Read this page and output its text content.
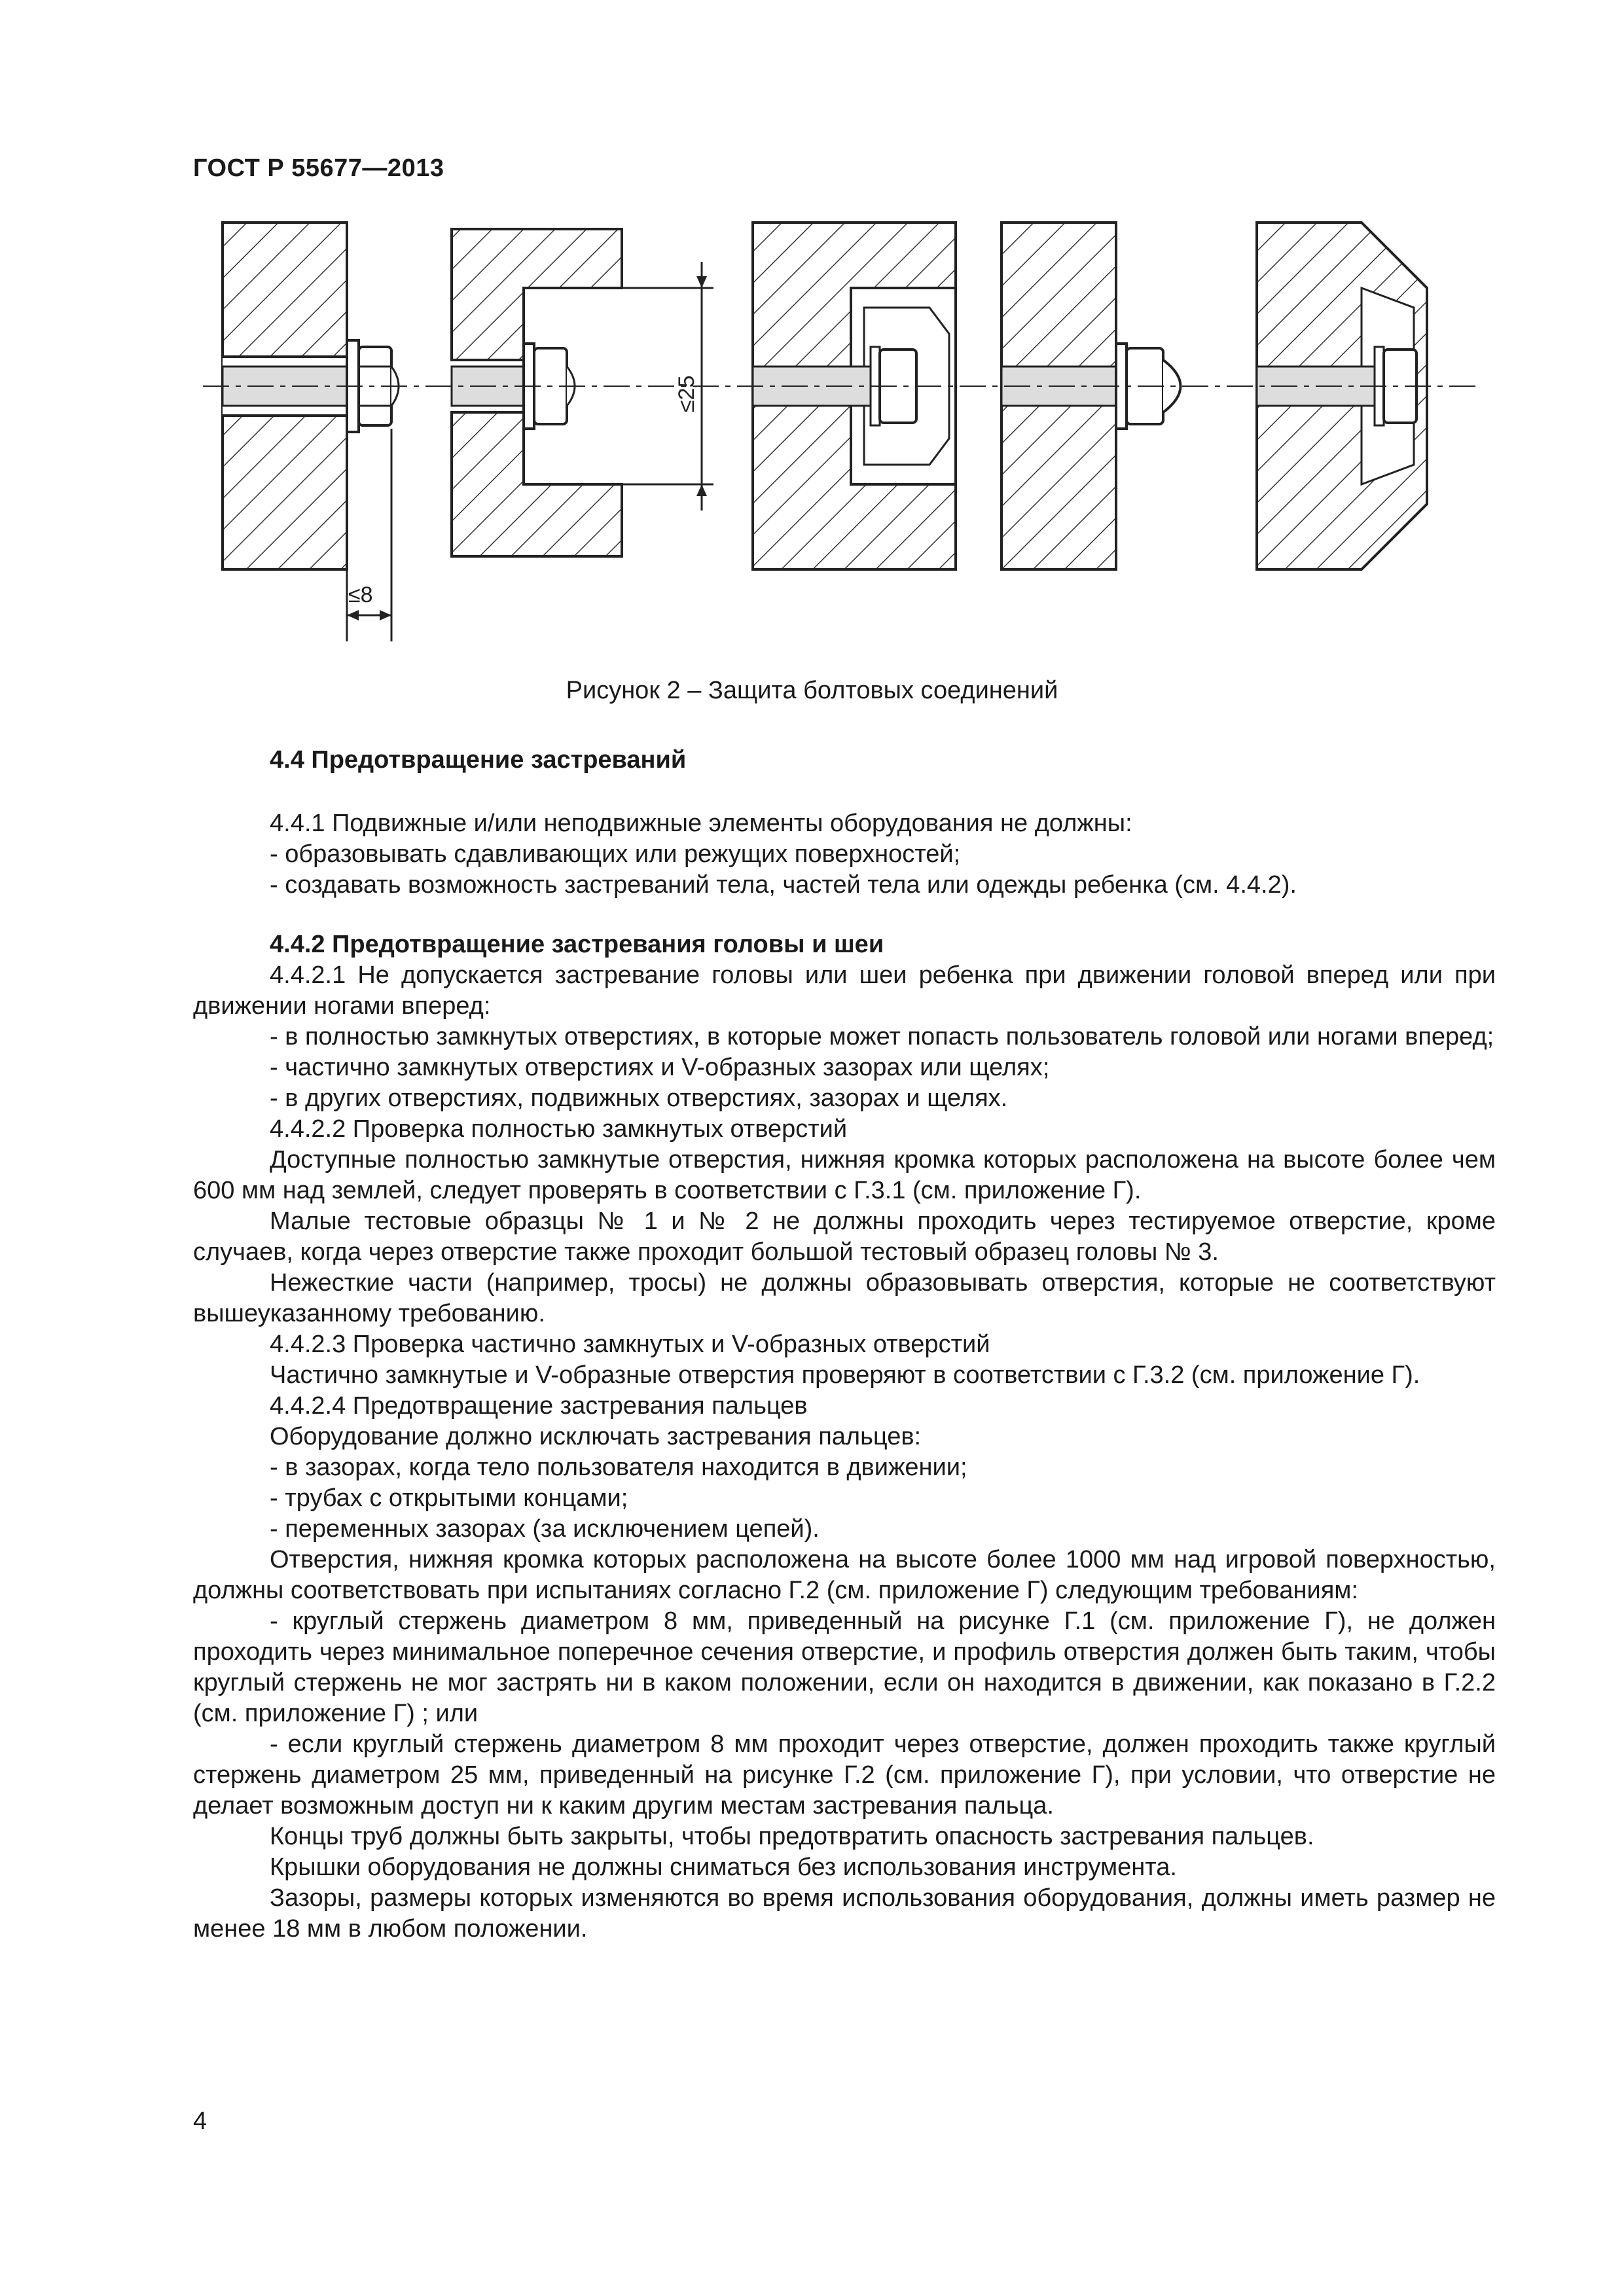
ГОСТ Р 55677—2013
≤8
≤25
Рисунок 2 – Защита болтовых соединений
4.4 Предотвращение застреваний

4.4.1 Подвижные и/или неподвижные элементы оборудования не должны:

- образовывать сдавливающих или режущих поверхностей;

- создавать возможность застреваний тела, частей тела или одежды ребенка (см. 4.4.2).

4.4.2 Предотвращение застревания головы и шеи

4.4.2.1 Не допускается застревание головы или шеи ребенка при движении головой вперед или при движении ногами вперед:

- в полностью замкнутых отверстиях, в которые может попасть пользователь головой или ногами вперед;

- частично замкнутых отверстиях и V-образных зазорах или щелях;

- в других отверстиях, подвижных отверстиях, зазорах и щелях.

4.4.2.2 Проверка полностью замкнутых отверстий

Доступные полностью замкнутые отверстия, нижняя кромка которых расположена на высоте более чем 600 мм над землей, следует проверять в соответствии с Г.3.1 (см. приложение Г).

Малые тестовые образцы № 1 и № 2 не должны проходить через тестируемое отверстие, кроме случаев, когда через отверстие также проходит большой тестовый образец головы № 3.

Нежесткие части (например, тросы) не должны образовывать отверстия, которые не соответствуют вышеуказанному требованию.

4.4.2.3 Проверка частично замкнутых и V-образных отверстий

Частично замкнутые и V-образные отверстия проверяют в соответствии с Г.3.2 (см. приложение Г).

4.4.2.4 Предотвращение застревания пальцев

Оборудование должно исключать застревания пальцев:

- в зазорах, когда тело пользователя находится в движении;

- трубах с открытыми концами;

- переменных зазорах (за исключением цепей).

Отверстия, нижняя кромка которых расположена на высоте более 1000 мм над игровой поверхностью, должны соответствовать при испытаниях согласно Г.2 (см. приложение Г) следующим требованиям:

- круглый стержень диаметром 8 мм, приведенный на рисунке Г.1 (см. приложение Г), не должен проходить через минимальное поперечное сечения отверстие, и профиль отверстия должен быть таким, чтобы круглый стержень не мог застрять ни в каком положении, если он находится в движении, как показано в Г.2.2 (см. приложение Г) ; или

- если круглый стержень диаметром 8 мм проходит через отверстие, должен проходить также круглый стержень диаметром 25 мм, приведенный на рисунке Г.2 (см. приложение Г), при условии, что отверстие не делает возможным доступ ни к каким другим местам застревания пальца.

Концы труб должны быть закрыты, чтобы предотвратить опасность застревания пальцев.

Крышки оборудования не должны сниматься без использования инструмента.

Зазоры, размеры которых изменяются во время использования оборудования, должны иметь размер не менее 18 мм в любом положении.

4
